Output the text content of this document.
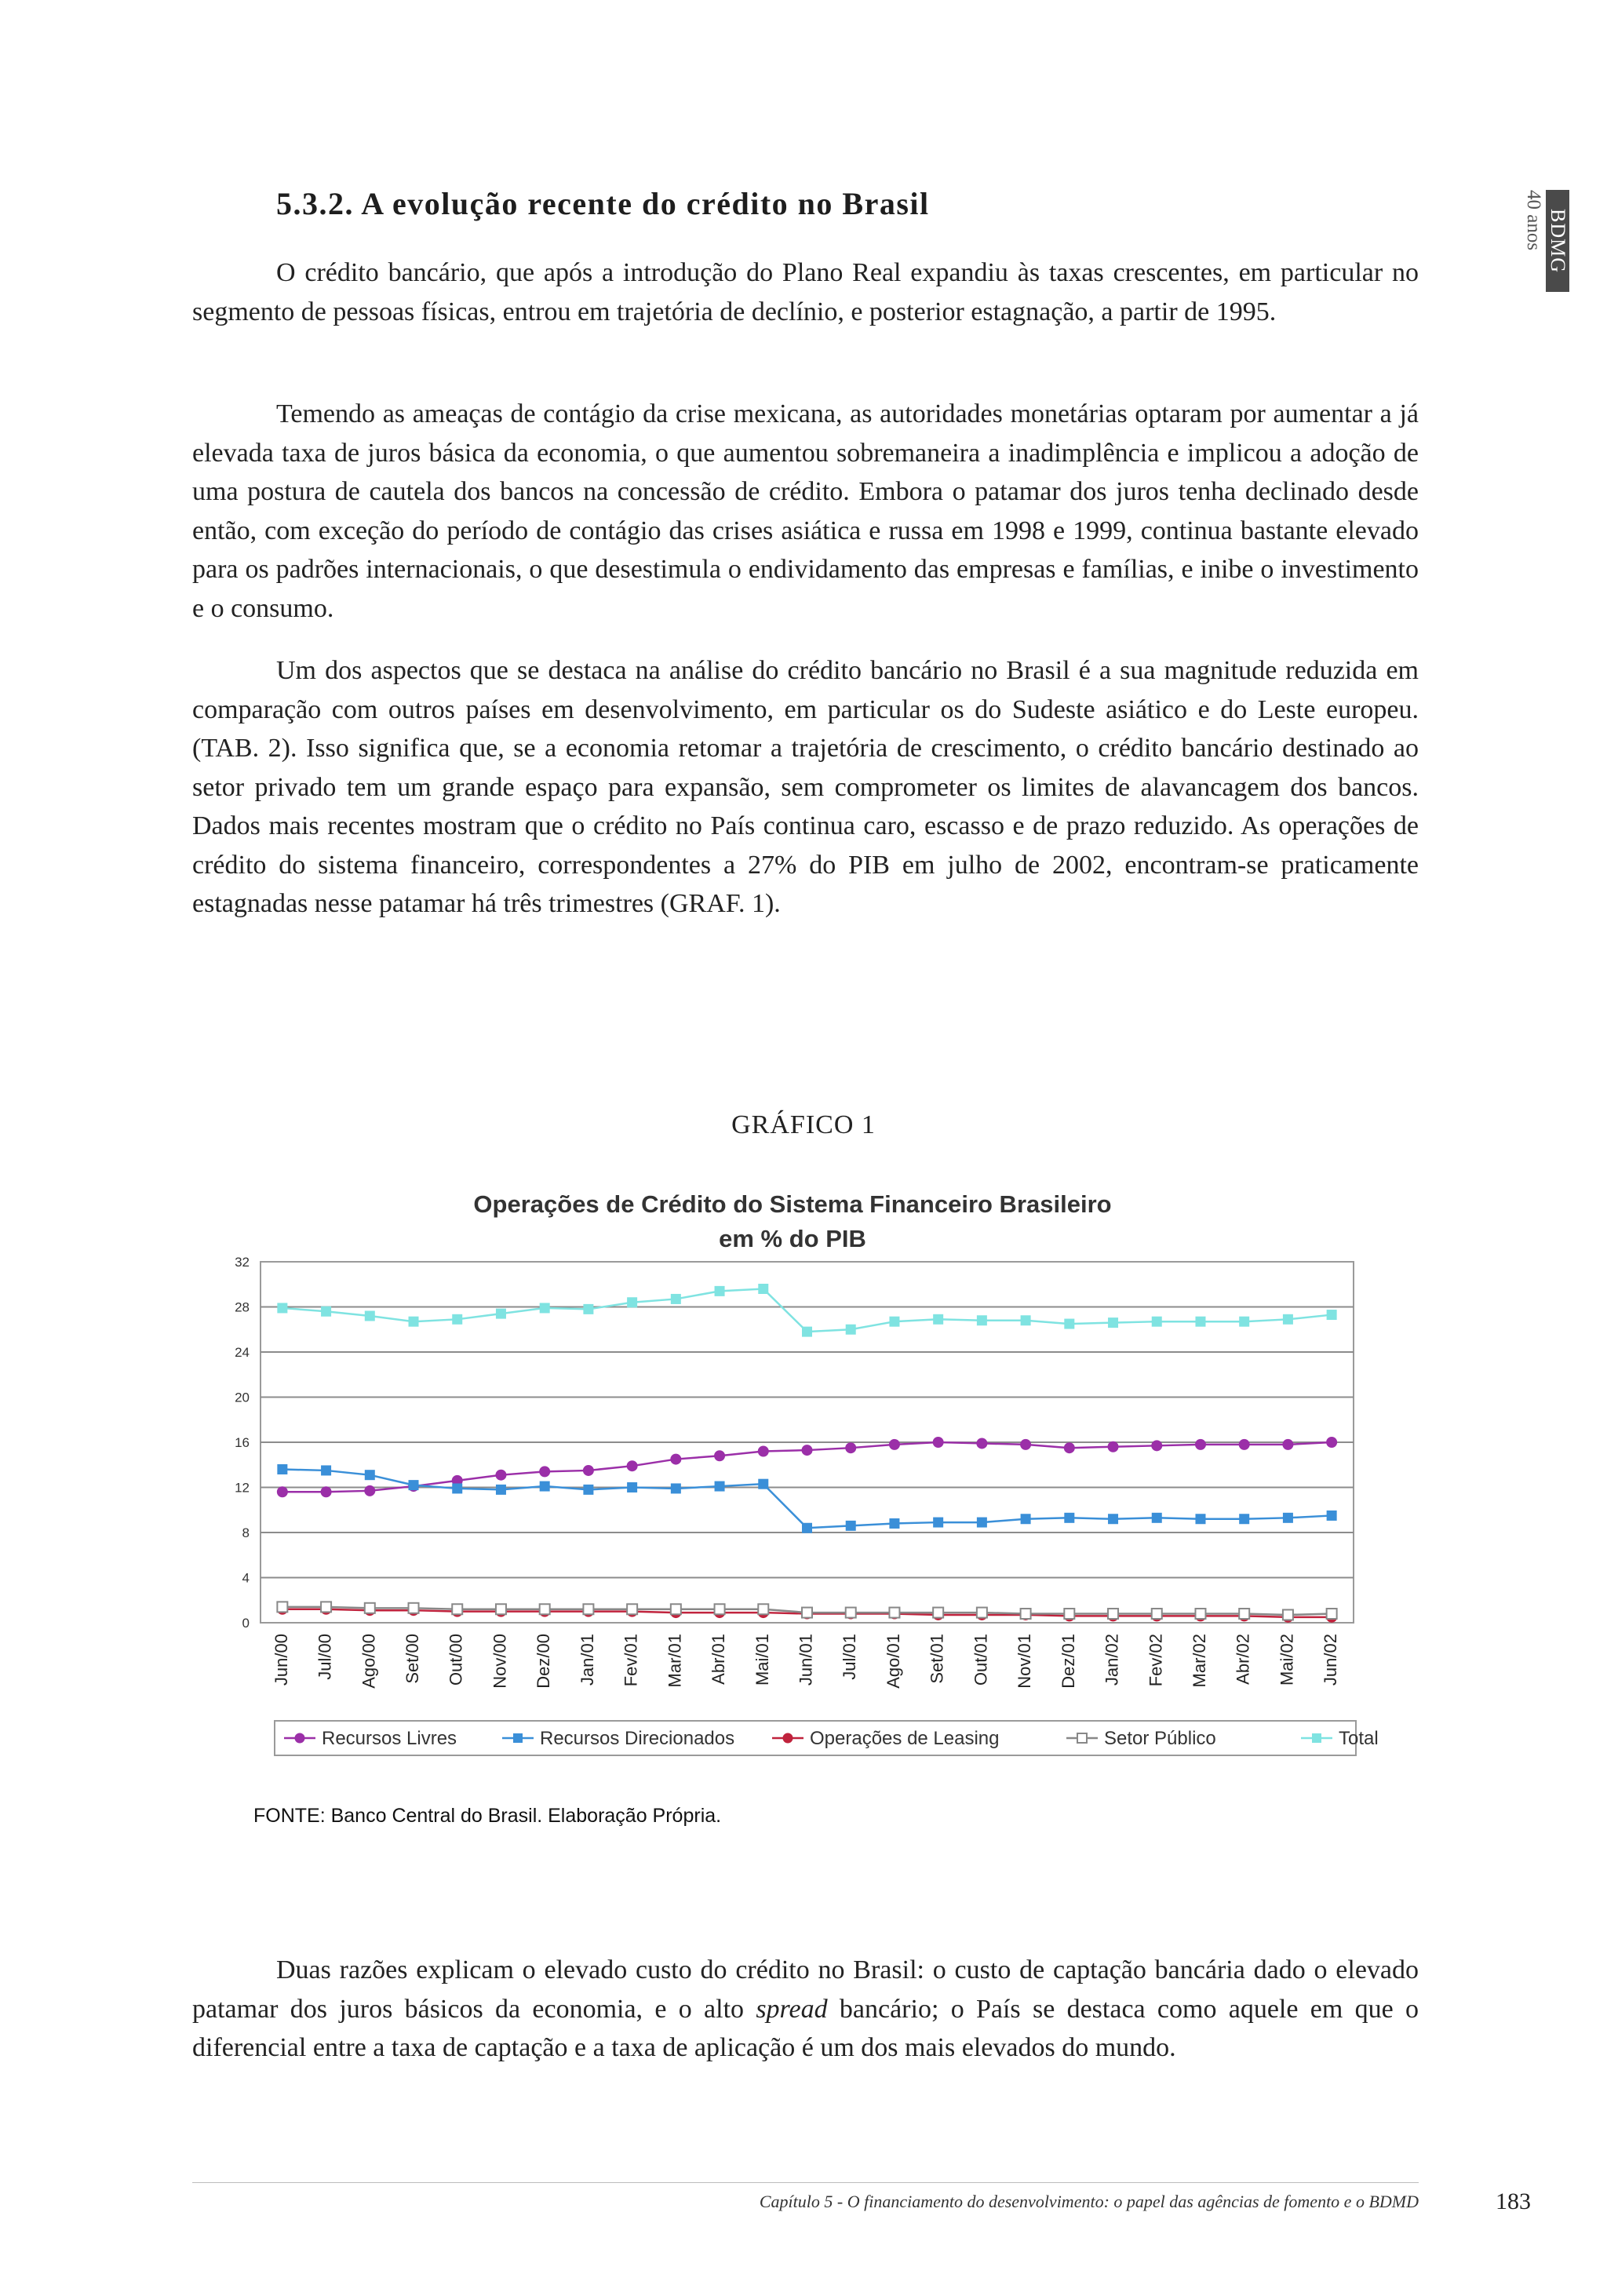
BDMG
40 anos
5.3.2. A evolução recente do crédito no Brasil

O crédito bancário, que após a introdução do Plano Real expandiu às taxas crescentes, em particular no segmento de pessoas físicas, entrou em trajetória de declínio, e posterior estagnação, a partir de 1995.

Temendo as ameaças de contágio da crise mexicana, as autoridades monetárias optaram por aumentar a já elevada taxa de juros básica da economia, o que aumentou sobremaneira a inadimplência e implicou a adoção de uma postura de cautela dos bancos na concessão de crédito. Embora o patamar dos juros tenha declinado desde então, com exceção do período de contágio das crises asiática e russa em 1998 e 1999, continua bastante elevado para os padrões internacionais, o que desestimula o endividamento das empresas e famílias, e inibe o investimento e o consumo.

Um dos aspectos que se destaca na análise do crédito bancário no Brasil é a sua magnitude reduzida em comparação com outros países em desenvolvimento, em particular os do Sudeste asiático e do Leste europeu. (TAB. 2). Isso significa que, se a economia retomar a trajetória de crescimento, o crédito bancário destinado ao setor privado tem um grande espaço para expansão, sem comprometer os limites de alavancagem dos bancos. Dados mais recentes mostram que o crédito no País continua caro, escasso e de prazo reduzido. As operações de crédito do sistema financeiro, correspondentes a 27% do PIB em julho de 2002, encontram-se praticamente estagnadas nesse patamar há três trimestres (GRAF. 1).

GRÁFICO 1
Operações de Crédito do Sistema Financeiro Brasileiro
em % do PIB
0
4
8
12
16
20
24
28
32
Jun/00 Jul/00 Ago/00 Set/00 Out/00 Nov/00 Dez/00 Jan/01 Fev/01 Mar/01 Abr/01 Mai/01 Jun/01 Jul/01 Ago/01 Set/01 Out/01 Nov/01 Dez/01 Jan/02 Fev/02 Mar/02 Abr/02 Mai/02 Jun/02
Recursos Livres	Recursos Direcionados	Operações de Leasing	Setor Público	Total
FONTE: Banco Central do Brasil. Elaboração Própria.

Duas razões explicam o elevado custo do crédito no Brasil: o custo de captação bancária dado o elevado patamar dos juros básicos da economia, e o alto spread bancário; o País se destaca como aquele em que o diferencial entre a taxa de captação e a taxa de aplicação é um dos mais elevados do mundo.

Capítulo 5 - O financiamento do desenvolvimento: o papel das agências de fomento e o BDMD	183
